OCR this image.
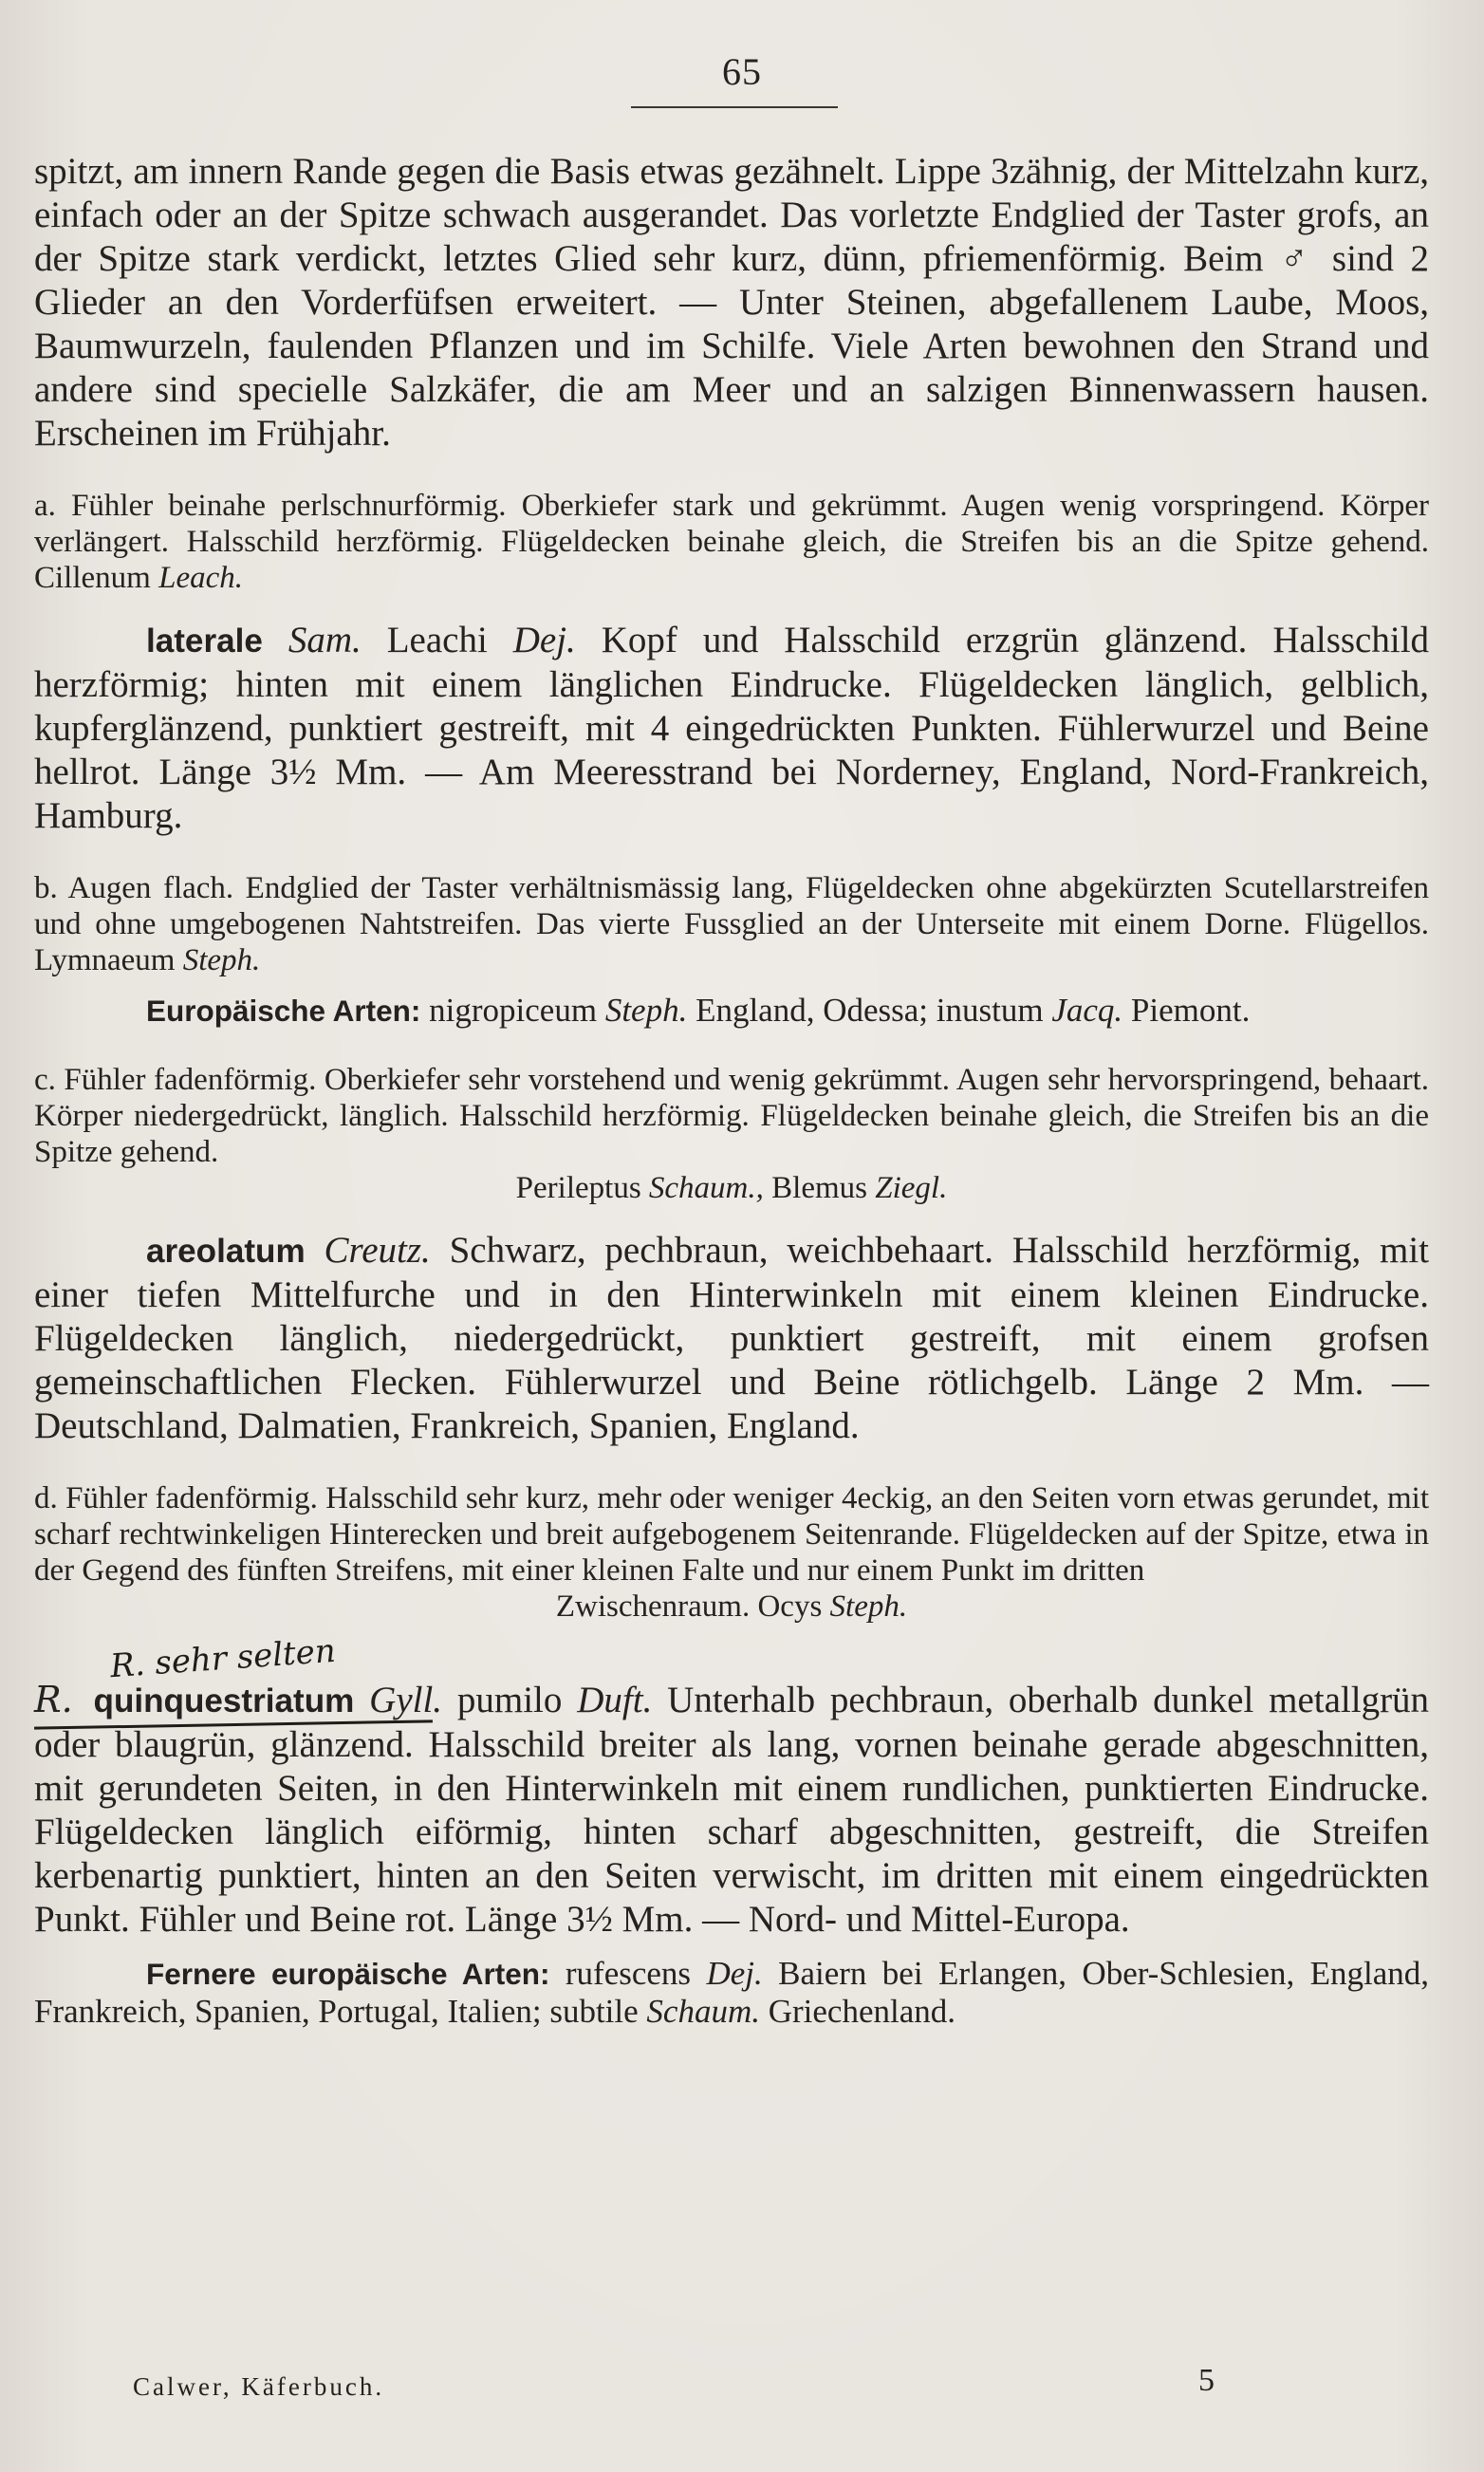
65

spitzt, am innern Rande gegen die Basis etwas gezähnelt. Lippe 3zähnig, der Mittelzahn kurz, einfach oder an der Spitze schwach ausgerandet. Das vorletzte Endglied der Taster grofs, an der Spitze stark verdickt, letztes Glied sehr kurz, dünn, pfriemenförmig. Beim ♂ sind 2 Glieder an den Vorderfüfsen erweitert. — Unter Steinen, abgefallenem Laube, Moos, Baumwurzeln, faulenden Pflanzen und im Schilfe. Viele Arten bewohnen den Strand und andere sind specielle Salzkäfer, die am Meer und an salzigen Binnenwassern hausen. Erscheinen im Frühjahr.

a. Fühler beinahe perlschnurförmig. Oberkiefer stark und gekrümmt. Augen wenig vorspringend. Körper verlängert. Halsschild herzförmig. Flügeldecken beinahe gleich, die Streifen bis an die Spitze gehend. Cillenum Leach.

laterale Sam. Leachi Dej. Kopf und Halsschild erzgrün glänzend. Halsschild herzförmig; hinten mit einem länglichen Eindrucke. Flügeldecken länglich, gelblich, kupferglänzend, punktiert gestreift, mit 4 eingedrückten Punkten. Fühlerwurzel und Beine hellrot. Länge 3½ Mm. — Am Meeresstrand bei Norderney, England, Nord-Frankreich, Hamburg.

b. Augen flach. Endglied der Taster verhältnismässig lang, Flügeldecken ohne abgekürzten Scutellarstreifen und ohne umgebogenen Nahtstreifen. Das vierte Fussglied an der Unterseite mit einem Dorne. Flügellos. Lymnaeum Steph.

Europäische Arten: nigropiceum Steph. England, Odessa; inustum Jacq. Piemont.

c. Fühler fadenförmig. Oberkiefer sehr vorstehend und wenig gekrümmt. Augen sehr hervorspringend, behaart. Körper niedergedrückt, länglich. Halsschild herzförmig. Flügeldecken beinahe gleich, die Streifen bis an die Spitze gehend.

Perileptus Schaum., Blemus Ziegl.

areolatum Creutz. Schwarz, pechbraun, weichbehaart. Halsschild herzförmig, mit einer tiefen Mittelfurche und in den Hinterwinkeln mit einem kleinen Eindrucke. Flügeldecken länglich, niedergedrückt, punktiert gestreift, mit einem grofsen gemeinschaftlichen Flecken. Fühlerwurzel und Beine rötlichgelb. Länge 2 Mm. — Deutschland, Dalmatien, Frankreich, Spanien, England.

d. Fühler fadenförmig. Halsschild sehr kurz, mehr oder weniger 4eckig, an den Seiten vorn etwas gerundet, mit scharf rechtwinkeligen Hinterecken und breit aufgebogenem Seitenrande. Flügeldecken auf der Spitze, etwa in der Gegend des fünften Streifens, mit einer kleinen Falte und nur einem Punkt im dritten

Zwischenraum. Ocys Steph.

R. sehr selten

R. quinquestriatum Gyll. pumilo Duft. Unterhalb pechbraun, oberhalb dunkel metallgrün oder blaugrün, glänzend. Halsschild breiter als lang, vornen beinahe gerade abgeschnitten, mit gerundeten Seiten, in den Hinterwinkeln mit einem rundlichen, punktierten Eindrucke. Flügeldecken länglich eiförmig, hinten scharf abgeschnitten, gestreift, die Streifen kerbenartig punktiert, hinten an den Seiten verwischt, im dritten mit einem eingedrückten Punkt. Fühler und Beine rot. Länge 3½ Mm. — Nord- und Mittel-Europa.

Fernere europäische Arten: rufescens Dej. Baiern bei Erlangen, Ober-Schlesien, England, Frankreich, Spanien, Portugal, Italien; subtile Schaum. Griechenland.

Calwer, Käferbuch.	5
